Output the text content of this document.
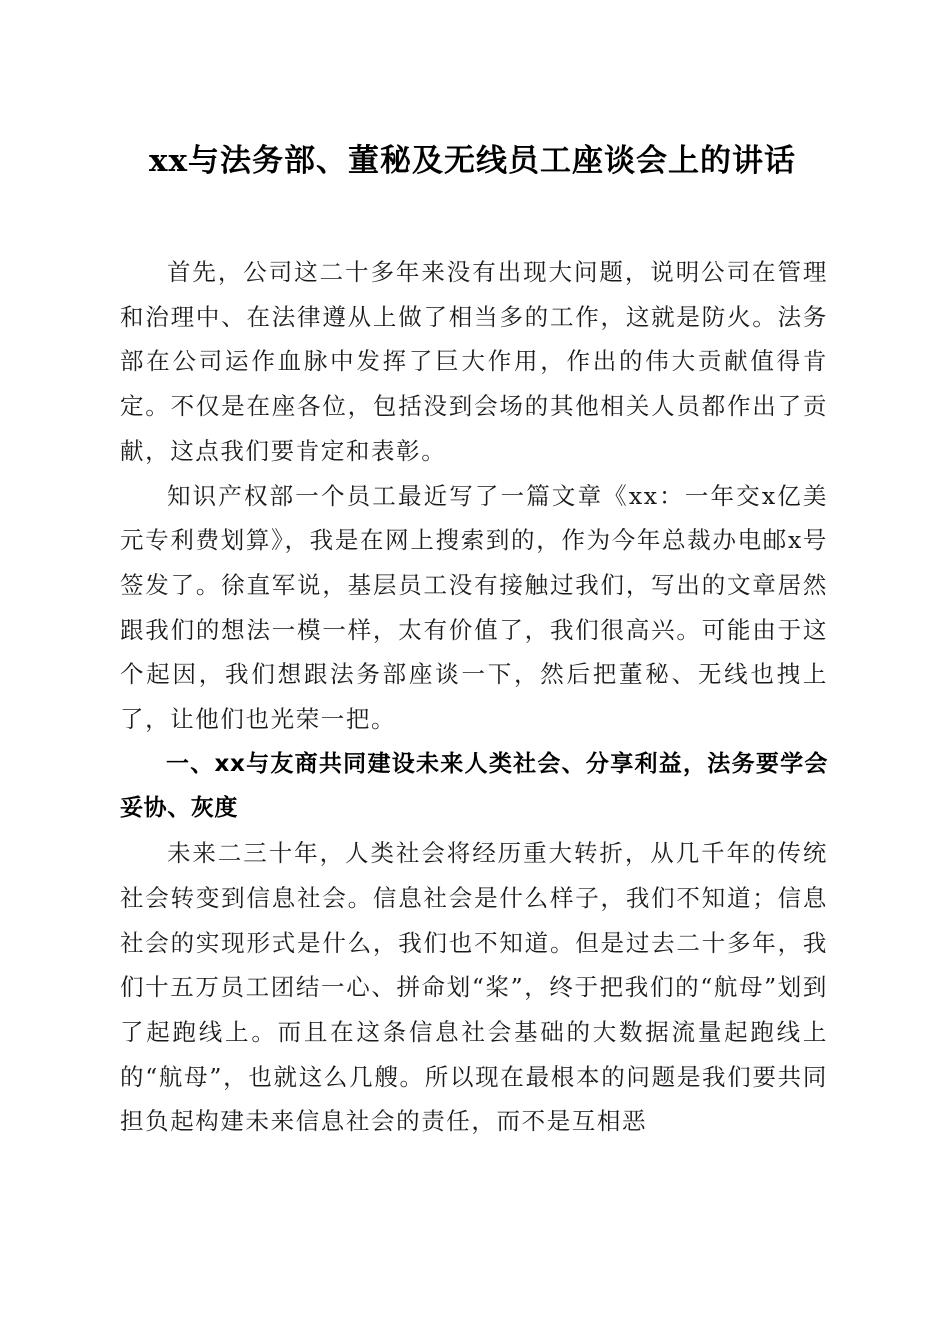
xx与法务部、董秘及无线员工座谈会上的讲话

首先，公司这二十多年来没有出现大问题，说明公司在管理和治理中、在法律遵从上做了相当多的工作，这就是防火。法务部在公司运作血脉中发挥了巨大作用，作出的伟大贡献值得肯定。不仅是在座各位，包括没到会场的其他相关人员都作出了贡献，这点我们要肯定和表彰。

知识产权部一个员工最近写了一篇文章《xx：一年交x亿美元专利费划算》，我是在网上搜索到的，作为今年总裁办电邮x号签发了。徐直军说，基层员工没有接触过我们，写出的文章居然跟我们的想法一模一样，太有价值了，我们很高兴。可能由于这个起因，我们想跟法务部座谈一下，然后把董秘、无线也拽上了，让他们也光荣一把。

一、xx与友商共同建设未来人类社会、分享利益，法务要学会妥协、灰度

未来二三十年，人类社会将经历重大转折，从几千年的传统社会转变到信息社会。信息社会是什么样子，我们不知道；信息社会的实现形式是什么，我们也不知道。但是过去二十多年，我们十五万员工团结一心、拼命划“桨”，终于把我们的“航母”划到了起跑线上。而且在这条信息社会基础的大数据流量起跑线上的“航母”，也就这么几艘。所以现在最根本的问题是我们要共同担负起构建未来信息社会的责任，而不是互相恶
